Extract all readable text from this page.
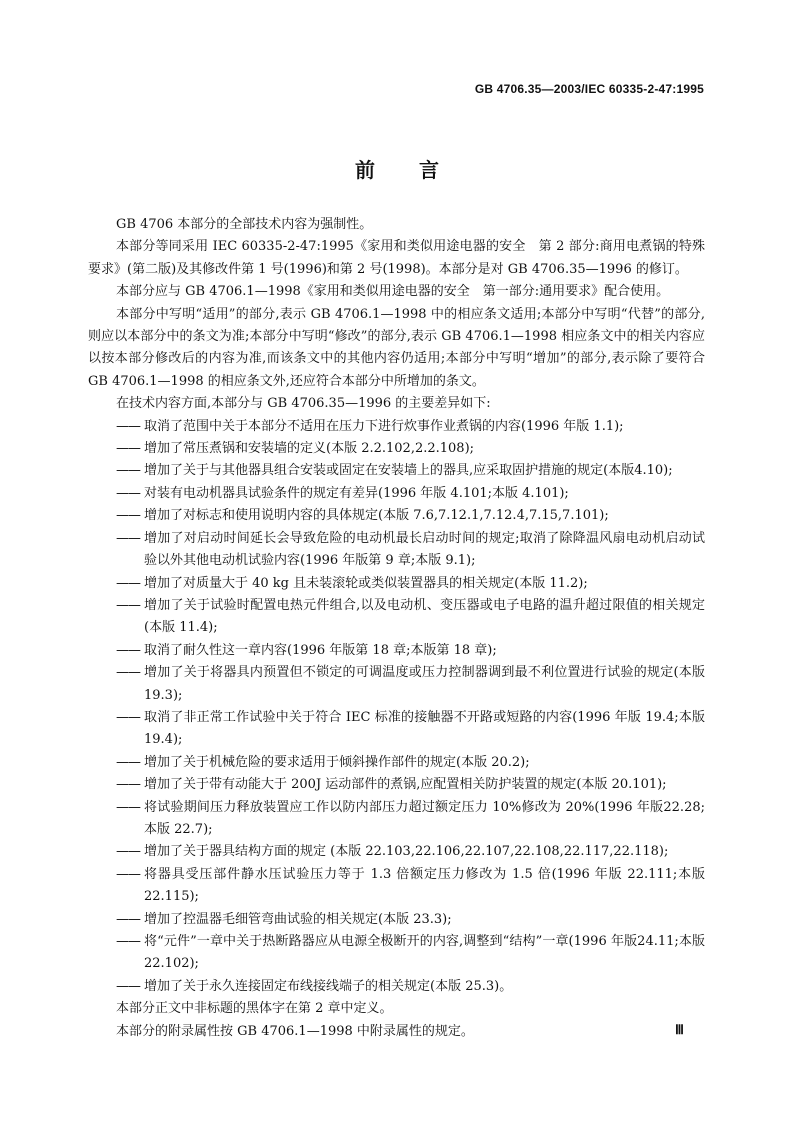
GB 4706.35—2003/IEC 60335-2-47:1995
前 言

GB 4706 本部分的全部技术内容为强制性。

本部分等同采用 IEC 60335-2-47:1995《家用和类似用途电器的安全　第 2 部分:商用电煮锅的特殊要求》(第二版)及其修改件第 1 号(1996)和第 2 号(1998)。本部分是对 GB 4706.35—1996 的修订。

本部分应与 GB 4706.1—1998《家用和类似用途电器的安全　第一部分:通用要求》配合使用。

本部分中写明“适用”的部分,表示 GB 4706.1—1998 中的相应条文适用;本部分中写明“代替”的部分,则应以本部分中的条文为准;本部分中写明“修改”的部分,表示 GB 4706.1—1998 相应条文中的相关内容应以按本部分修改后的内容为准,而该条文中的其他内容仍适用;本部分中写明“增加”的部分,表示除了要符合 GB 4706.1—1998 的相应条文外,还应符合本部分中所增加的条文。

在技术内容方面,本部分与 GB 4706.35—1996 的主要差异如下:

—— 取消了范围中关于本部分不适用在压力下进行炊事作业煮锅的内容(1996 年版 1.1);

—— 增加了常压煮锅和安装墙的定义(本版 2.2.102,2.2.108);

—— 增加了关于与其他器具组合安装或固定在安装墙上的器具,应采取固护措施的规定(本版4.10);

—— 对装有电动机器具试验条件的规定有差异(1996 年版 4.101;本版 4.101);

—— 增加了对标志和使用说明内容的具体规定(本版 7.6,7.12.1,7.12.4,7.15,7.101);

—— 增加了对启动时间延长会导致危险的电动机最长启动时间的规定;取消了除降温风扇电动机启动试验以外其他电动机试验内容(1996 年版第 9 章;本版 9.1);

—— 增加了对质量大于 40 kg 且未装滚轮或类似装置器具的相关规定(本版 11.2);

—— 增加了关于试验时配置电热元件组合,以及电动机、变压器或电子电路的温升超过限值的相关规定(本版 11.4);

—— 取消了耐久性这一章内容(1996 年版第 18 章;本版第 18 章);

—— 增加了关于将器具内预置但不锁定的可调温度或压力控制器调到最不利位置进行试验的规定(本版 19.3);

—— 取消了非正常工作试验中关于符合 IEC 标准的接触器不开路或短路的内容(1996 年版 19.4;本版 19.4);

—— 增加了关于机械危险的要求适用于倾斜操作部件的规定(本版 20.2);

—— 增加了关于带有动能大于 200J 运动部件的煮锅,应配置相关防护装置的规定(本版 20.101);

—— 将试验期间压力释放装置应工作以防内部压力超过额定压力 10%修改为 20%(1996 年版22.28;本版 22.7);

—— 增加了关于器具结构方面的规定 (本版 22.103,22.106,22.107,22.108,22.117,22.118);

—— 将器具受压部件静水压试验压力等于 1.3 倍额定压力修改为 1.5 倍(1996 年版 22.111;本版22.115);

—— 增加了控温器毛细管弯曲试验的相关规定(本版 23.3);

—— 将“元件”一章中关于热断路器应从电源全极断开的内容,调整到“结构”一章(1996 年版24.11;本版 22.102);

—— 增加了关于永久连接固定布线接线端子的相关规定(本版 25.3)。

本部分正文中非标题的黑体字在第 2 章中定义。

本部分的附录属性按 GB 4706.1—1998 中附录属性的规定。	Ⅲ
